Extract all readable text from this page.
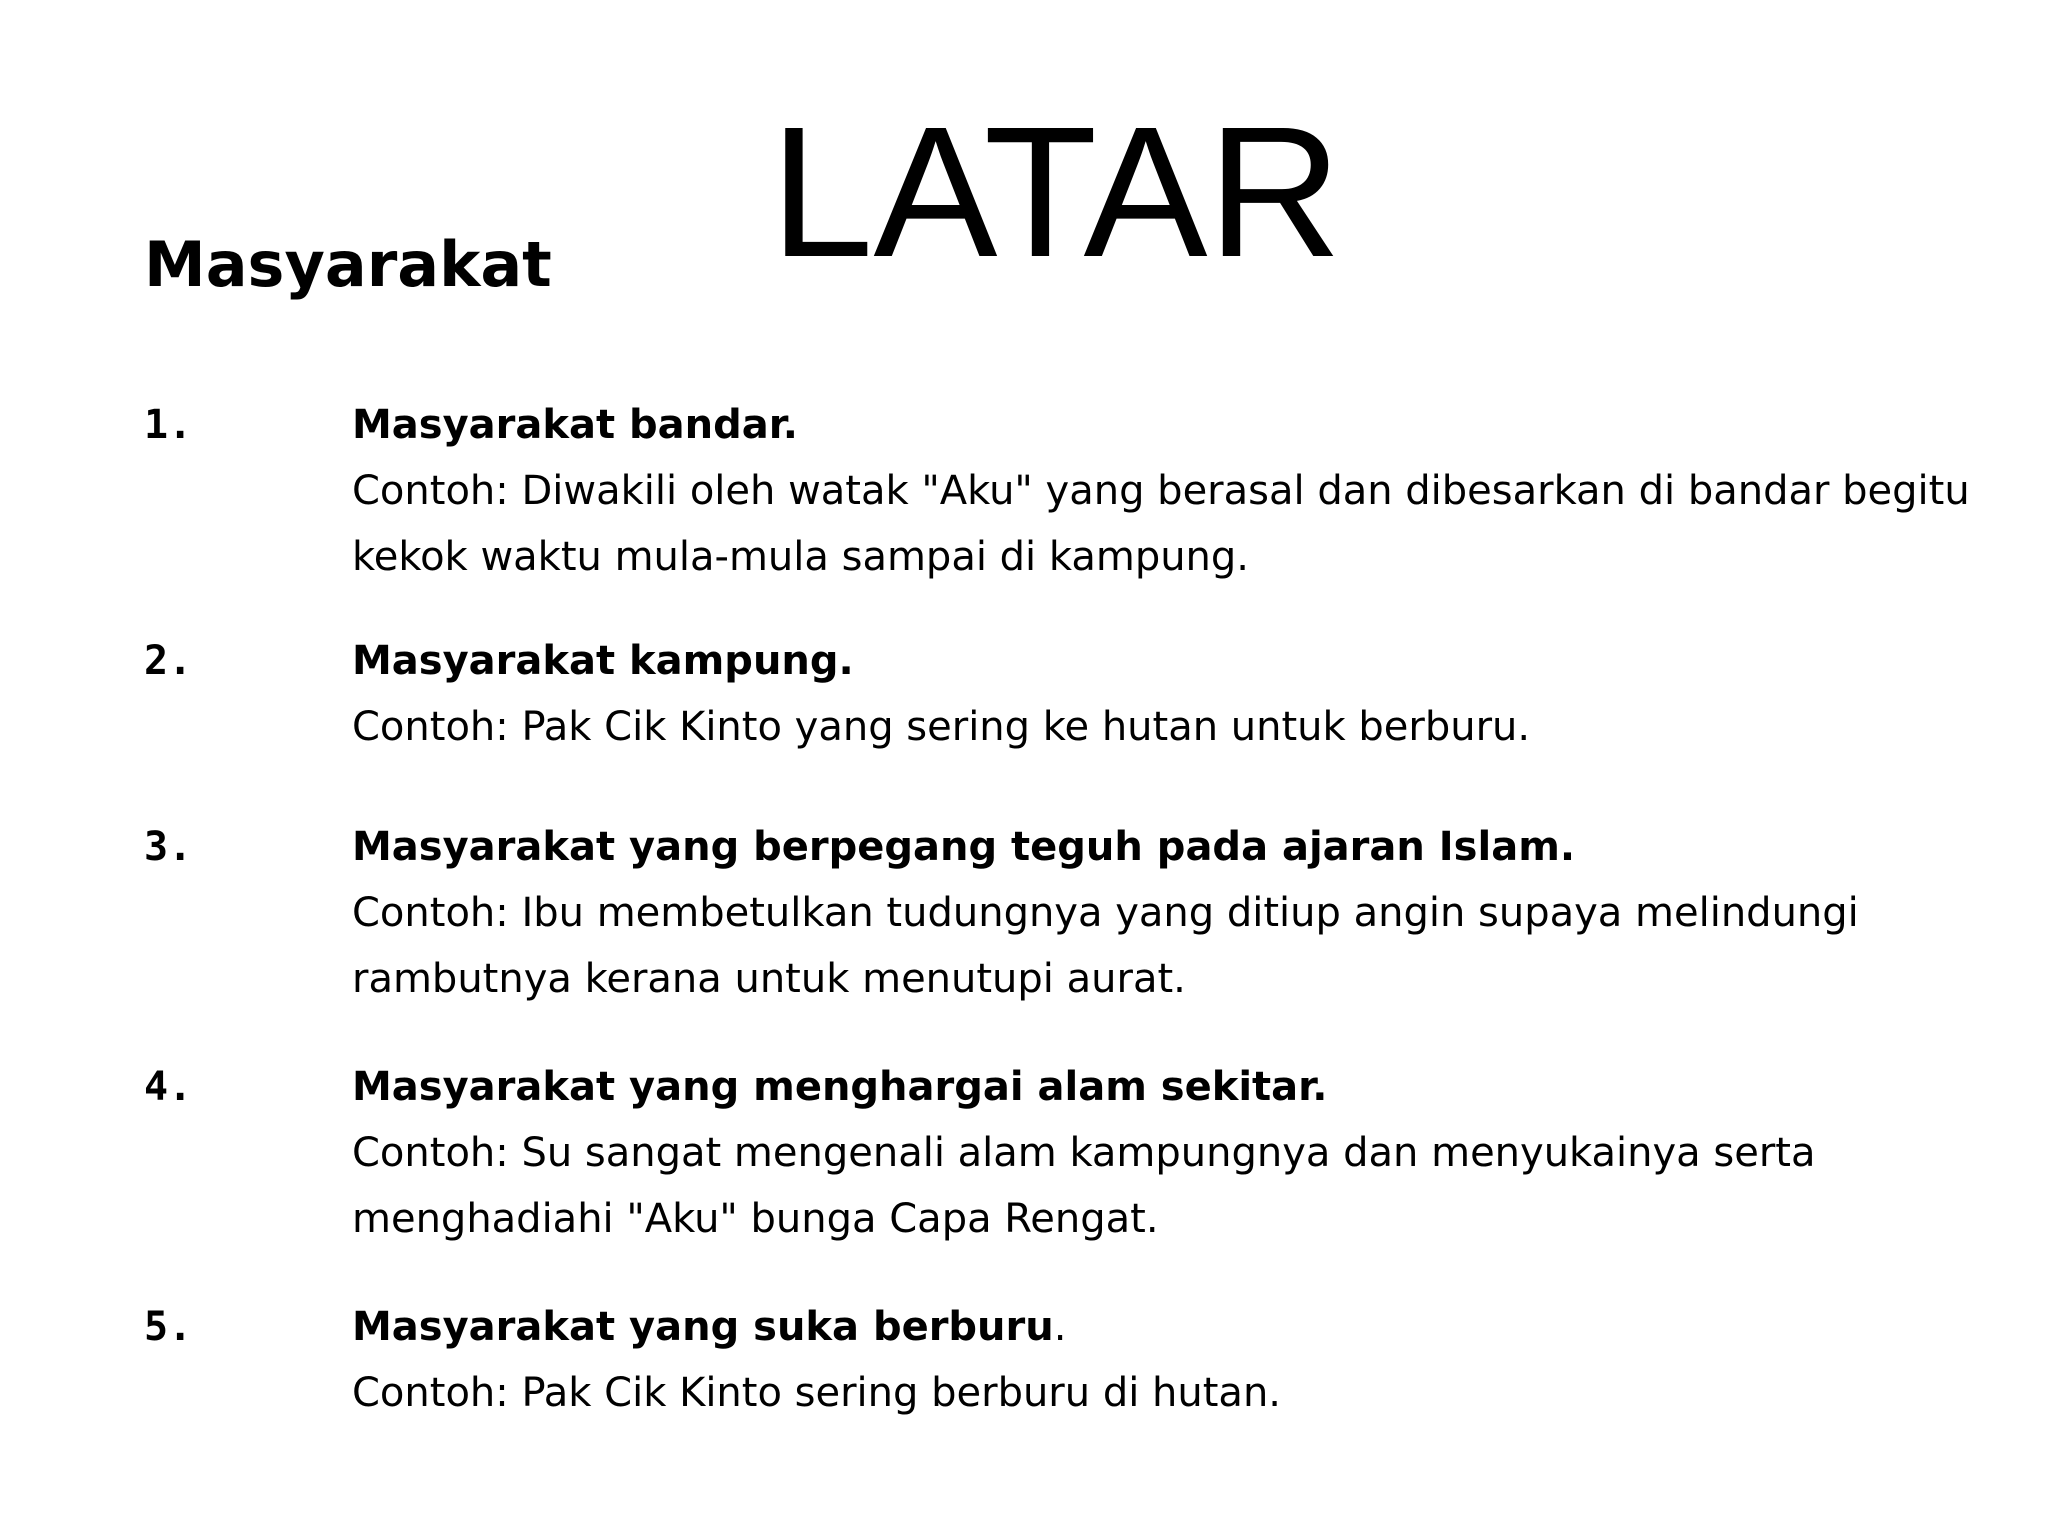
LATAR
Masyarakat
1.	Masyarakat bandar.
Contoh: Diwakili oleh watak "Aku" yang berasal dan dibesarkan di bandar begitu kekok waktu mula-mula sampai di kampung.
2.	Masyarakat kampung.
Contoh: Pak Cik Kinto yang sering ke hutan untuk berburu.
3.	Masyarakat yang berpegang teguh pada ajaran Islam.
Contoh: Ibu membetulkan tudungnya yang ditiup angin supaya melindungi rambutnya kerana untuk menutupi aurat.
4.	Masyarakat yang menghargai alam sekitar.
Contoh: Su sangat mengenali alam kampungnya dan menyukainya serta menghadiahi "Aku" bunga Capa Rengat.
5.	Masyarakat yang suka berburu.
Contoh: Pak Cik Kinto sering berburu di hutan.
